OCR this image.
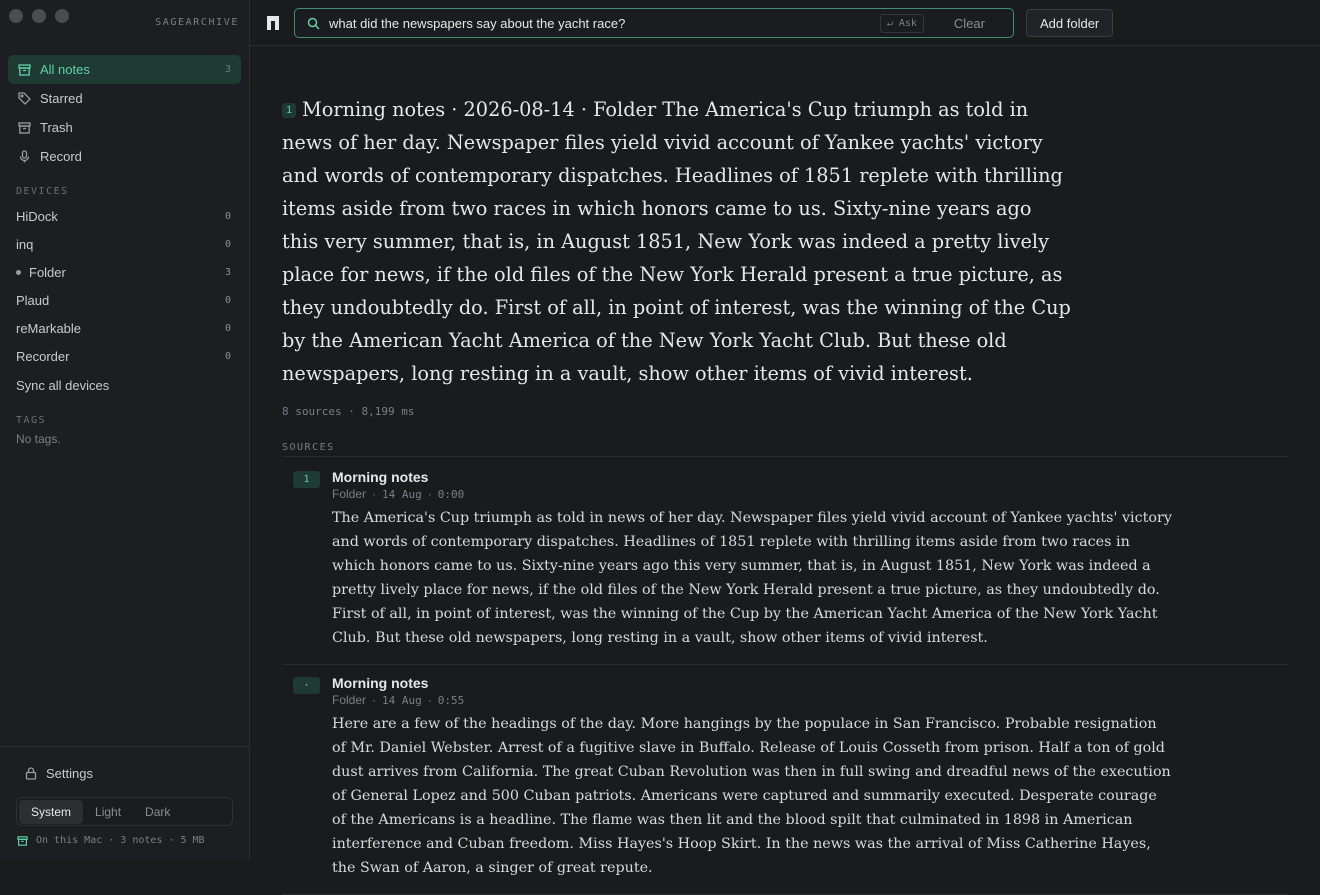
SAGEARCHIVE
All notes	3
Starred
Trash
Record
DEVICES
HiDock	0
inq	0
Folder	3
Plaud	0
reMarkable	0
Recorder	0
Sync all devices
TAGS
No tags.
Settings
System	Light	Dark
On this Mac · 3 notes · 5 MB
what did the newspapers say about the yacht race?
↵ Ask	Clear	Add folder
1 Morning notes · 2026-08-14 · Folder The America's Cup triumph as told in news of her day. Newspaper files yield vivid account of Yankee yachts' victory and words of contemporary dispatches. Headlines of 1851 replete with thrilling items aside from two races in which honors came to us. Sixty-nine years ago this very summer, that is, in August 1851, New York was indeed a pretty lively place for news, if the old files of the New York Herald present a true picture, as they undoubtedly do. First of all, in point of interest, was the winning of the Cup by the American Yacht America of the New York Yacht Club. But these old newspapers, long resting in a vault, show other items of vivid interest.
8 sources · 8,199 ms
SOURCES
1	Morning notes
Folder · 14 Aug · 0:00
The America's Cup triumph as told in news of her day. Newspaper files yield vivid account of Yankee yachts' victory and words of contemporary dispatches. Headlines of 1851 replete with thrilling items aside from two races in which honors came to us. Sixty-nine years ago this very summer, that is, in August 1851, New York was indeed a pretty lively place for news, if the old files of the New York Herald present a true picture, as they undoubtedly do. First of all, in point of interest, was the winning of the Cup by the American Yacht America of the New York Yacht Club. But these old newspapers, long resting in a vault, show other items of vivid interest.
·	Morning notes
Folder · 14 Aug · 0:55
Here are a few of the headings of the day. More hangings by the populace in San Francisco. Probable resignation of Mr. Daniel Webster. Arrest of a fugitive slave in Buffalo. Release of Louis Cosseth from prison. Half a ton of gold dust arrives from California. The great Cuban Revolution was then in full swing and dreadful news of the execution of General Lopez and 500 Cuban patriots. Americans were captured and summarily executed. Desperate courage of the Americans is a headline. The flame was then lit and the blood spilt that culminated in 1898 in American interference and Cuban freedom. Miss Hayes's Hoop Skirt. In the news was the arrival of Miss Catherine Hayes, the Swan of Aaron, a singer of great repute.
